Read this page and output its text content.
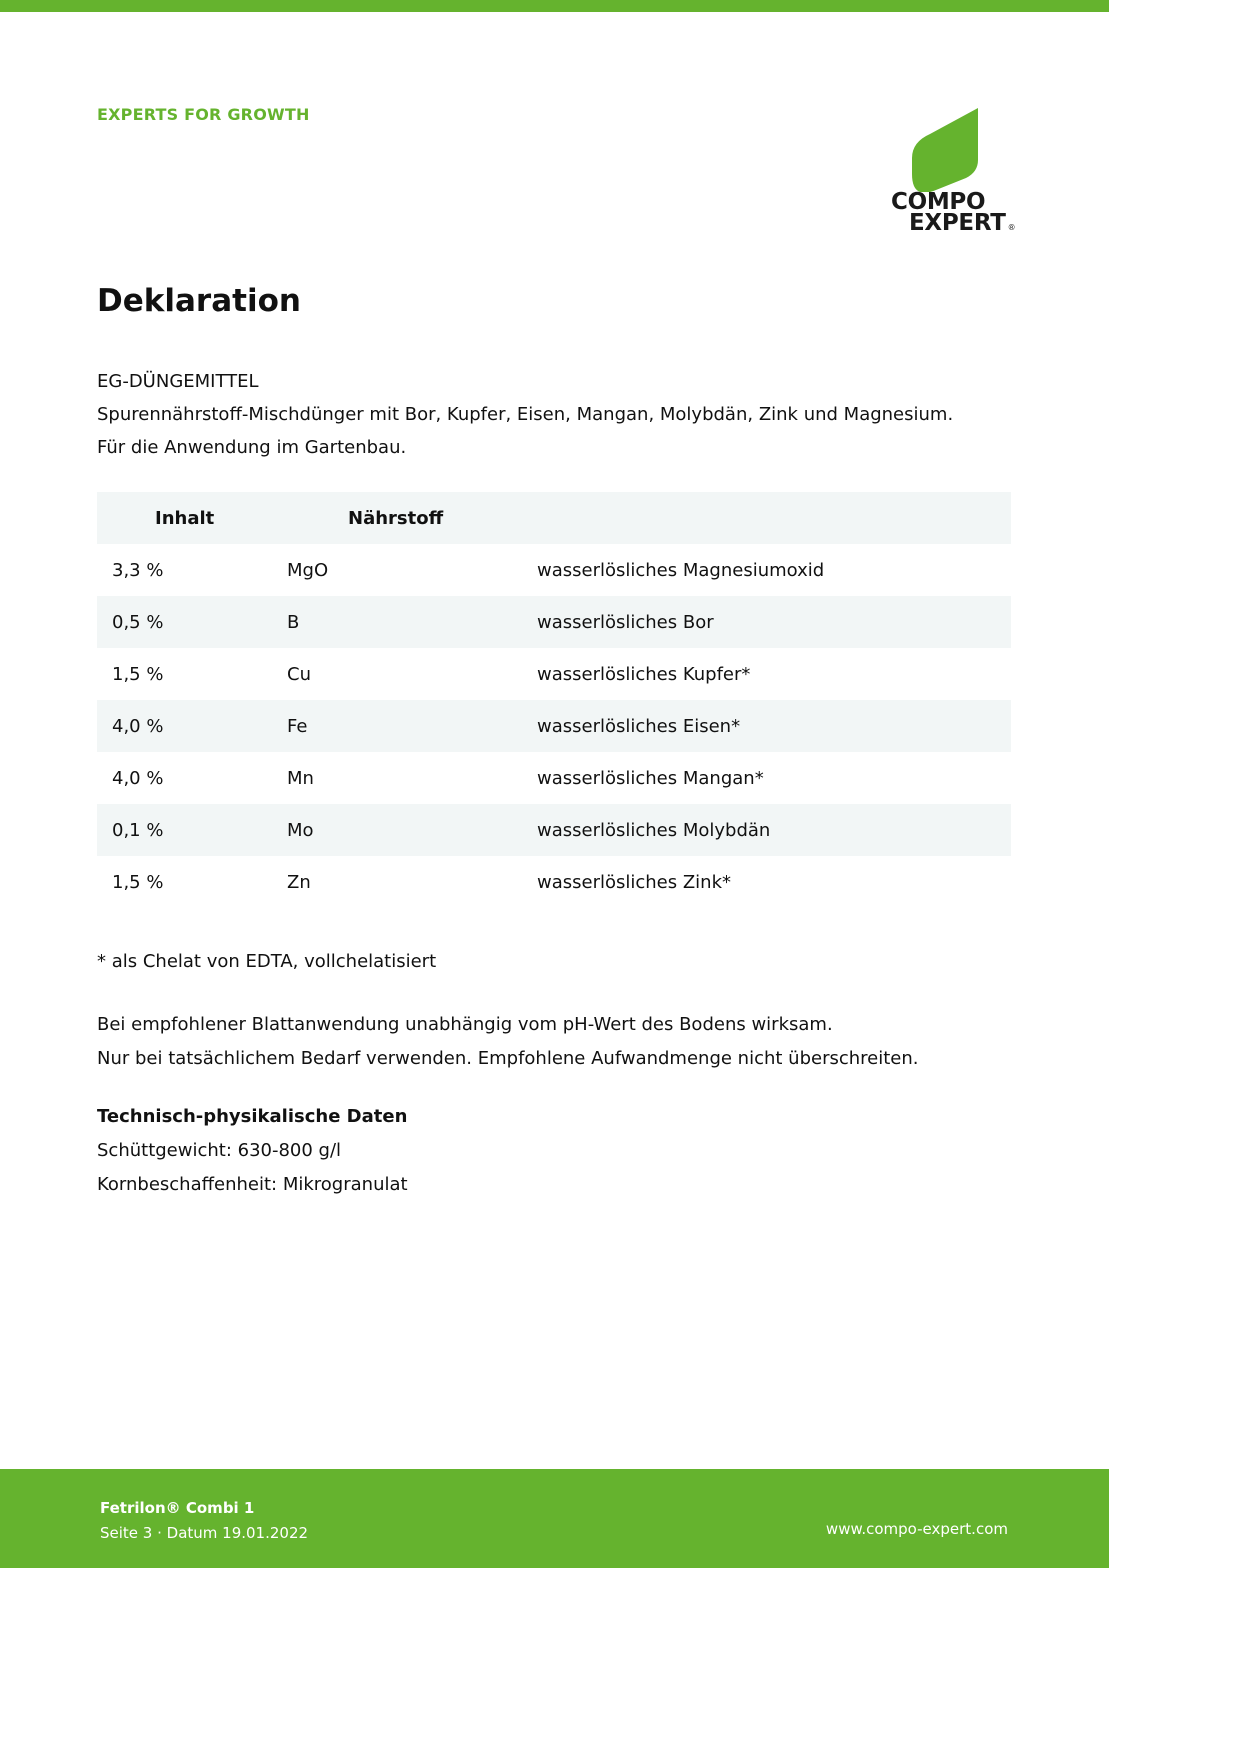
EXPERTS FOR GROWTH
COMPO
EXPERT ®
Deklaration
EG-DÜNGEMITTEL
Spurennährstoff-Mischdünger mit Bor, Kupfer, Eisen, Mangan, Molybdän, Zink und Magnesium.
Für die Anwendung im Gartenbau.
Inhalt	Nährstoff	
3,3 %	MgO	wasserlösliches Magnesiumoxid
0,5 %	B	wasserlösliches Bor
1,5 %	Cu	wasserlösliches Kupfer*
4,0 %	Fe	wasserlösliches Eisen*
4,0 %	Mn	wasserlösliches Mangan*
0,1 %	Mo	wasserlösliches Molybdän
1,5 %	Zn	wasserlösliches Zink*
* als Chelat von EDTA, vollchelatisiert
Bei empfohlener Blattanwendung unabhängig vom pH-Wert des Bodens wirksam.
Nur bei tatsächlichem Bedarf verwenden. Empfohlene Aufwandmenge nicht überschreiten.
Technisch-physikalische Daten
Schüttgewicht: 630-800 g/l
Kornbeschaffenheit: Mikrogranulat
Fetrilon® Combi 1
Seite 3 · Datum 19.01.2022	www.compo-expert.com
